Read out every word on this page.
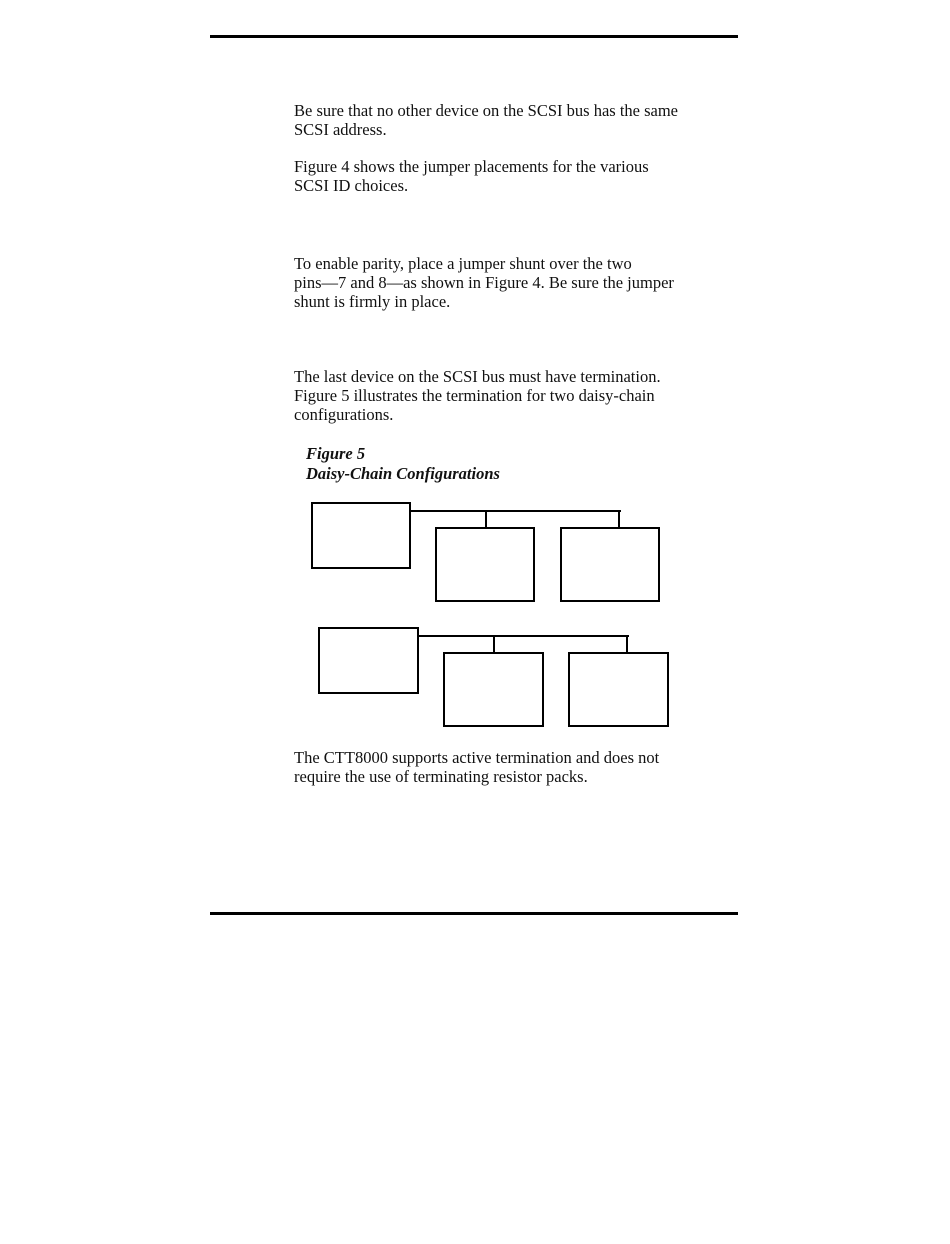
Be sure that no other device on the SCSI bus has the same
SCSI address.

Figure 4 shows the jumper placements for the various
SCSI ID choices.

To enable parity, place a jumper shunt over the two
pins—7 and 8—as shown in Figure 4. Be sure the jumper
shunt is firmly in place.

The last device on the SCSI bus must have termination.
Figure 5 illustrates the termination for two daisy-chain
configurations.

Figure 5
Daisy-Chain Configurations

The CTT8000 supports active termination and does not
require the use of terminating resistor packs.
